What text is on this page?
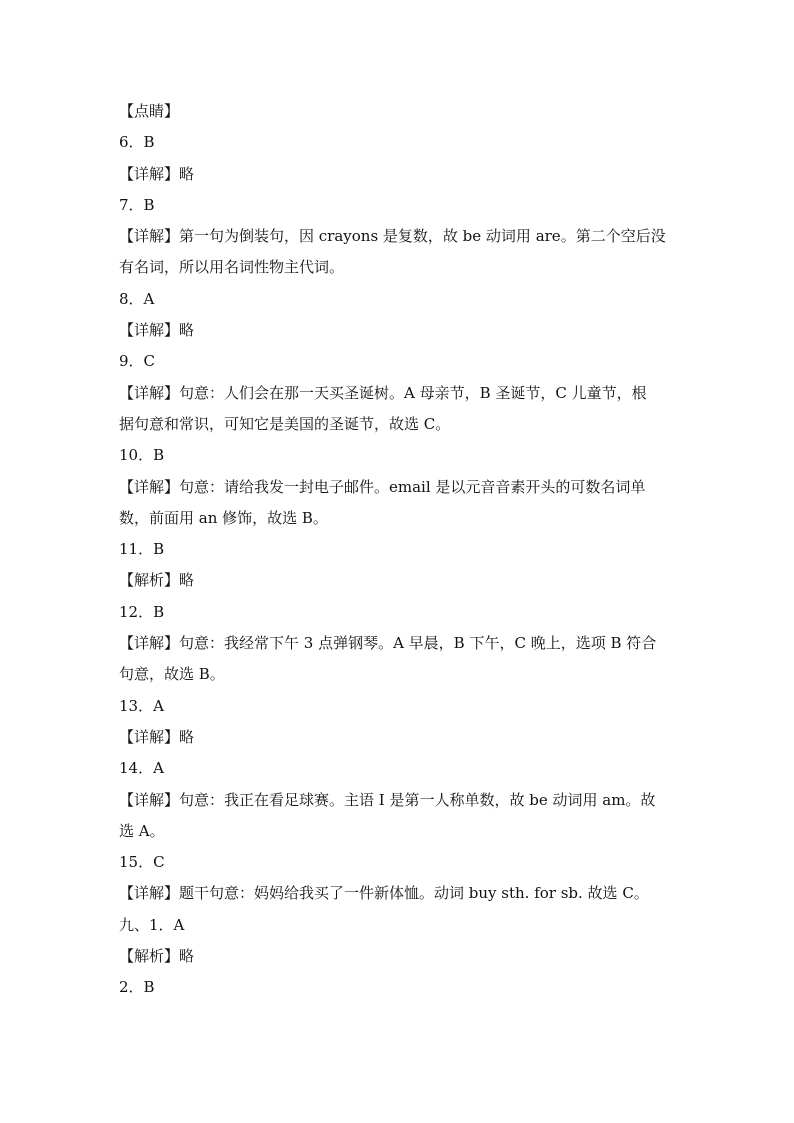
【点睛】
6．B
【详解】略
7．B
【详解】第一句为倒装句，因 crayons 是复数，故 be 动词用 are。第二个空后没
有名词，所以用名词性物主代词。
8．A
【详解】略
9．C
【详解】句意：人们会在那一天买圣诞树。A 母亲节，B 圣诞节，C 儿童节，根
据句意和常识，可知它是美国的圣诞节，故选 C。
10．B
【详解】句意：请给我发一封电子邮件。email 是以元音音素开头的可数名词单
数，前面用 an 修饰，故选 B。
11．B
【解析】略
12．B
【详解】句意：我经常下午 3 点弹钢琴。A 早晨，B 下午，C 晚上，选项 B 符合
句意，故选 B。
13．A
【详解】略
14．A
【详解】句意：我正在看足球赛。主语 I 是第一人称单数，故 be 动词用 am。故
选 A。
15．C
【详解】题干句意：妈妈给我买了一件新体恤。动词 buy sth. for sb. 故选 C。
九、1．A
【解析】略
2．B
